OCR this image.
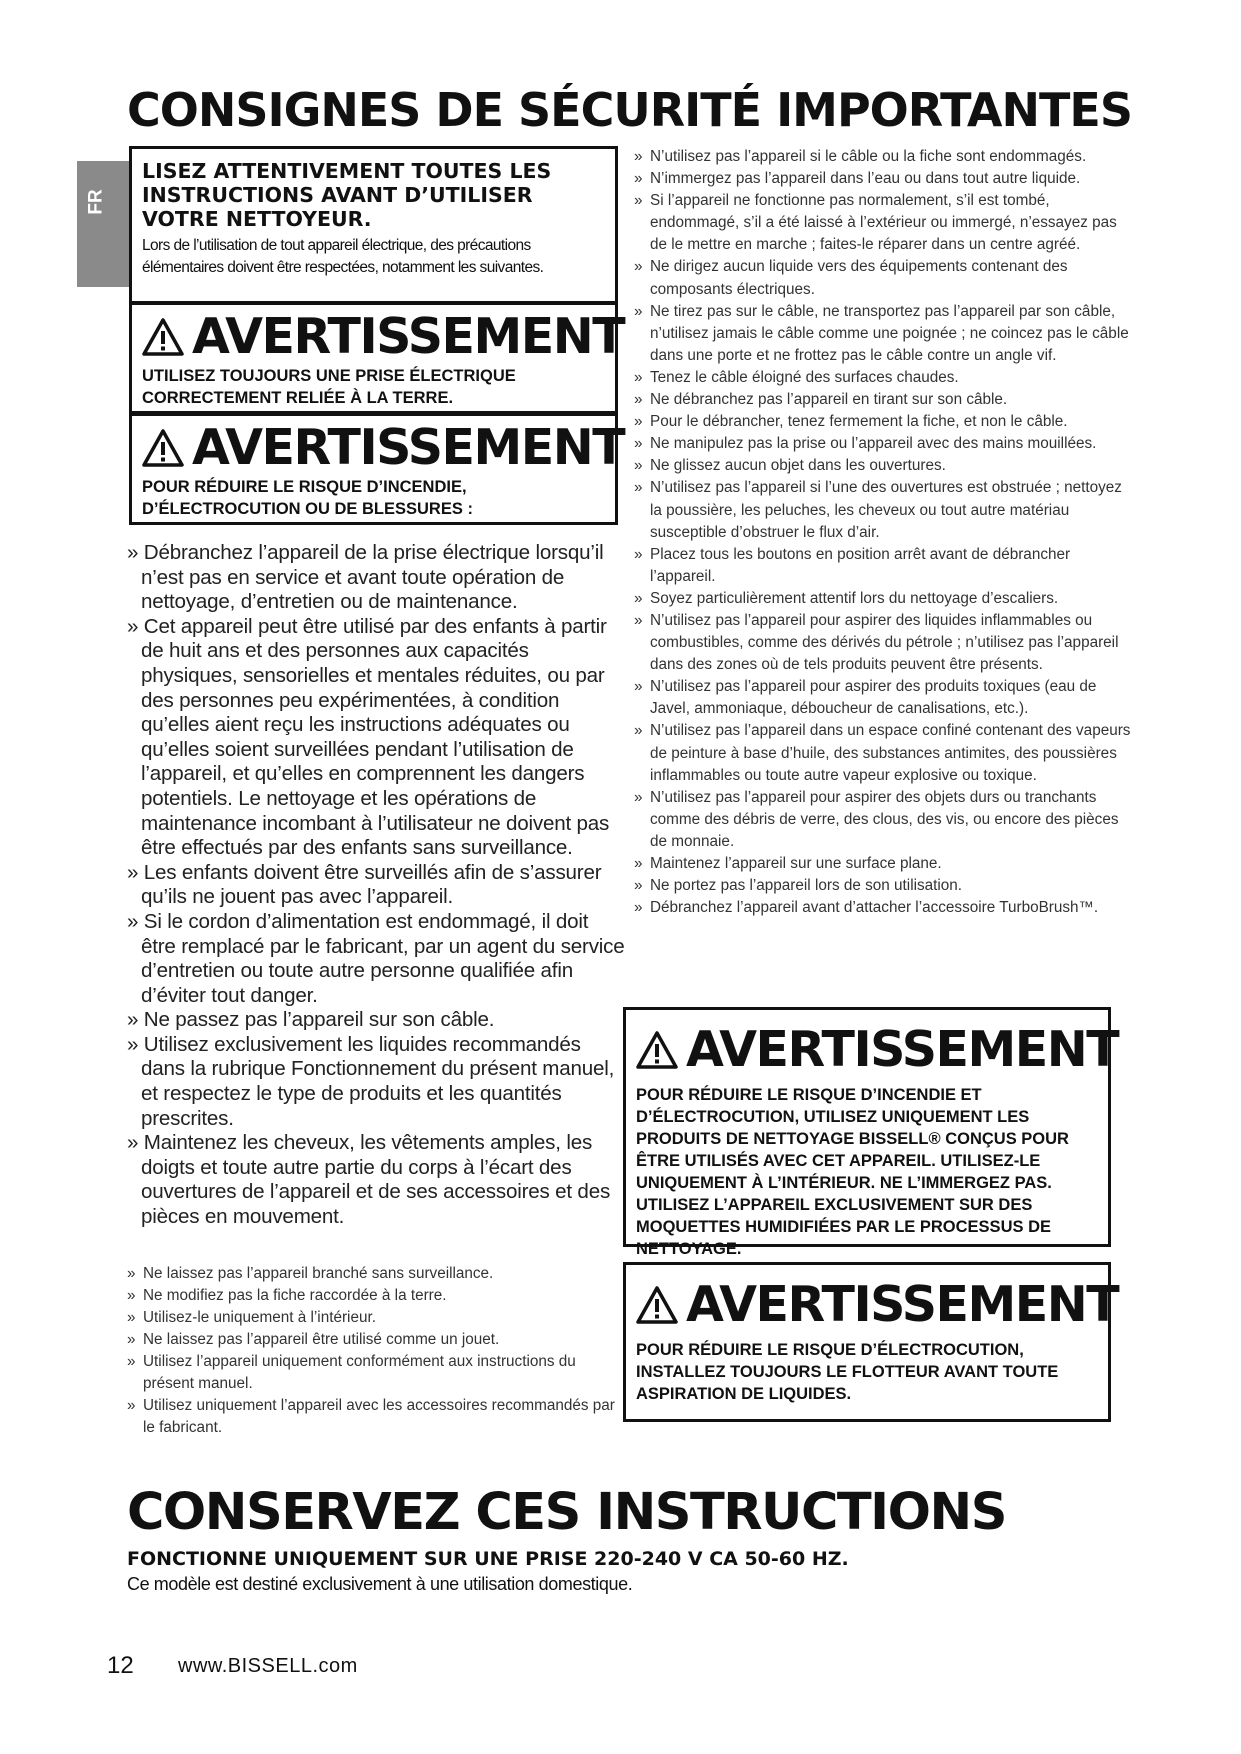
CONSIGNES DE SÉCURITÉ IMPORTANTES
FR
LISEZ ATTENTIVEMENT TOUTES LES INSTRUCTIONS AVANT D’UTILISER VOTRE NETTOYEUR.
Lors de l’utilisation de tout appareil électrique, des précautions élémentaires doivent être respectées, notamment les suivantes.
AVERTISSEMENT
UTILISEZ TOUJOURS UNE PRISE ÉLECTRIQUE CORRECTEMENT RELIÉE À LA TERRE.
AVERTISSEMENT
POUR RÉDUIRE LE RISQUE D’INCENDIE, D’ÉLECTROCUTION OU DE BLESSURES :
» N’utilisez pas l’appareil si le câble ou la fiche sont endommagés.
» N’immergez pas l’appareil dans l’eau ou dans tout autre liquide.
» Si l’appareil ne fonctionne pas normalement, s’il est tombé, endommagé, s’il a été laissé à l’extérieur ou immergé, n’essayez pas de le mettre en marche ; faites-le réparer dans un centre agréé.
» Ne dirigez aucun liquide vers des équipements contenant des composants électriques.
» Ne tirez pas sur le câble, ne transportez pas l’appareil par son câble, n’utilisez jamais le câble comme une poignée ; ne coincez pas le câble dans une porte et ne frottez pas le câble contre un angle vif.
» Tenez le câble éloigné des surfaces chaudes.
» Ne débranchez pas l’appareil en tirant sur son câble.
» Pour le débrancher, tenez fermement la fiche, et non le câble.
» Ne manipulez pas la prise ou l’appareil avec des mains mouillées.
» Ne glissez aucun objet dans les ouvertures.
» N’utilisez pas l’appareil si l’une des ouvertures est obstruée ; nettoyez la poussière, les peluches, les cheveux ou tout autre matériau susceptible d’obstruer le flux d’air.
» Placez tous les boutons en position arrêt avant de débrancher l’appareil.
» Soyez particulièrement attentif lors du nettoyage d’escaliers.
» N’utilisez pas l’appareil pour aspirer des liquides inflammables ou combustibles, comme des dérivés du pétrole ; n’utilisez pas l’appareil dans des zones où de tels produits peuvent être présents.
» N’utilisez pas l’appareil pour aspirer des produits toxiques (eau de Javel, ammoniaque, déboucheur de canalisations, etc.).
» N’utilisez pas l’appareil dans un espace confiné contenant des vapeurs de peinture à base d’huile, des substances antimites, des poussières inflammables ou toute autre vapeur explosive ou toxique.
» N’utilisez pas l’appareil pour aspirer des objets durs ou tranchants comme des débris de verre, des clous, des vis, ou encore des pièces de monnaie.
» Maintenez l’appareil sur une surface plane.
» Ne portez pas l’appareil lors de son utilisation.
» Débranchez l’appareil avant d’attacher l’accessoire TurboBrush™.
» Débranchez l’appareil de la prise électrique lorsqu’il n’est pas en service et avant toute opération de nettoyage, d’entretien ou de maintenance.
» Cet appareil peut être utilisé par des enfants à partir de huit ans et des personnes aux capacités physiques, sensorielles et mentales réduites, ou par des personnes peu expérimentées, à condition qu’elles aient reçu les instructions adéquates ou qu’elles soient surveillées pendant l’utilisation de l’appareil, et qu’elles en comprennent les dangers potentiels. Le nettoyage et les opérations de maintenance incombant à l’utilisateur ne doivent pas être effectués par des enfants sans surveillance.
» Les enfants doivent être surveillés afin de s’assurer qu’ils ne jouent pas avec l’appareil.
» Si le cordon d’alimentation est endommagé, il doit être remplacé par le fabricant, par un agent du service d’entretien ou toute autre personne qualifiée afin d’éviter tout danger.
» Ne passez pas l’appareil sur son câble.
» Utilisez exclusivement les liquides recommandés dans la rubrique Fonctionnement du présent manuel, et respectez le type de produits et les quantités prescrites.
» Maintenez les cheveux, les vêtements amples, les doigts et toute autre partie du corps à l’écart des ouvertures de l’appareil et de ses accessoires et des pièces en mouvement.
» Ne laissez pas l’appareil branché sans surveillance.
» Ne modifiez pas la fiche raccordée à la terre.
» Utilisez-le uniquement à l’intérieur.
» Ne laissez pas l’appareil être utilisé comme un jouet.
» Utilisez l’appareil uniquement conformément aux instructions du présent manuel.
» Utilisez uniquement l’appareil avec les accessoires recommandés par le fabricant.
AVERTISSEMENT
POUR RÉDUIRE LE RISQUE D’INCENDIE ET D’ÉLECTROCUTION, UTILISEZ UNIQUEMENT LES PRODUITS DE NETTOYAGE BISSELL® CONÇUS POUR ÊTRE UTILISÉS AVEC CET APPAREIL. UTILISEZ-LE UNIQUEMENT À L’INTÉRIEUR. NE L’IMMERGEZ PAS. UTILISEZ L’APPAREIL EXCLUSIVEMENT SUR DES MOQUETTES HUMIDIFIÉES PAR LE PROCESSUS DE NETTOYAGE.
AVERTISSEMENT
POUR RÉDUIRE LE RISQUE D’ÉLECTROCUTION, INSTALLEZ TOUJOURS LE FLOTTEUR AVANT TOUTE ASPIRATION DE LIQUIDES.
CONSERVEZ CES INSTRUCTIONS
FONCTIONNE UNIQUEMENT SUR UNE PRISE 220-240 V CA 50-60 HZ.
Ce modèle est destiné exclusivement à une utilisation domestique.
12 www.BISSELL.com
